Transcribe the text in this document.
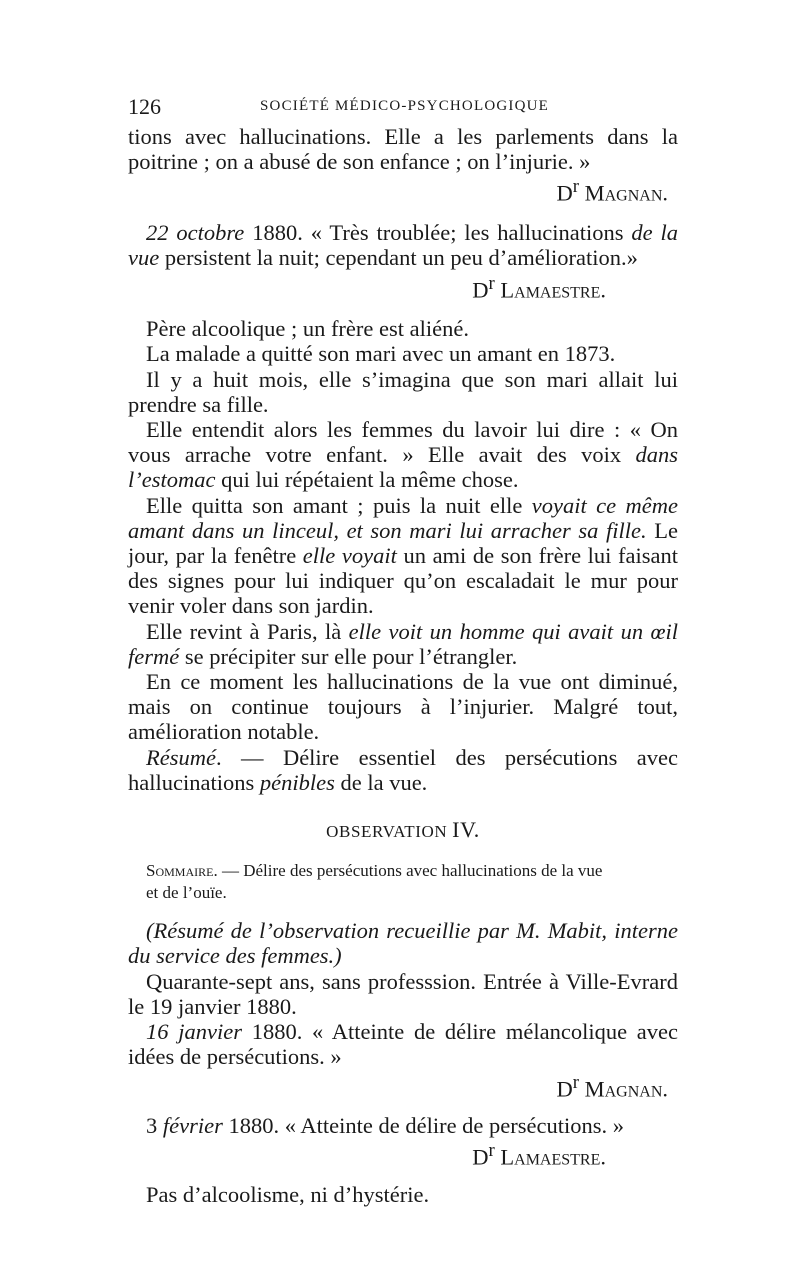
126	SOCIÉTÉ MÉDICO-PSYCHOLOGIQUE

tions avec hallucinations. Elle a les parlements dans la poitrine ; on a abusé de son enfance ; on l’injurie. »

$D^r$ Magnan.

22 octobre 1880. « Très troublée; les hallucinations de la vue persistent la nuit; cependant un peu d’amélioration.»

$D^r$ Lamaestre.

Père alcoolique ; un frère est aliéné.

La malade a quitté son mari avec un amant en 1873.

Il y a huit mois, elle s’imagina que son mari allait lui prendre sa fille.

Elle entendit alors les femmes du lavoir lui dire : « On vous arrache votre enfant. » Elle avait des voix dans l’estomac qui lui répétaient la même chose.

Elle quitta son amant ; puis la nuit elle voyait ce même amant dans un linceul, et son mari lui arracher sa fille. Le jour, par la fenêtre elle voyait un ami de son frère lui faisant des signes pour lui indiquer qu’on escaladait le mur pour venir voler dans son jardin.

Elle revint à Paris, là elle voit un homme qui avait un œil fermé se précipiter sur elle pour l’étrangler.

En ce moment les hallucinations de la vue ont diminué, mais on continue toujours à l’injurier. Malgré tout, amélioration notable.

Résumé. — Délire essentiel des persécutions avec hallucinations pénibles de la vue.

OBSERVATION IV.

Sommaire. — Délire des persécutions avec hallucinations de la vue
et de l’ouïe.

(Résumé de l’observation recueillie par M. Mabit, interne du service des femmes.)

Quarante-sept ans, sans professsion. Entrée à Ville-Evrard le 19 janvier 1880.

16 janvier 1880. « Atteinte de délire mélancolique avec idées de persécutions. »

$D^r$ Magnan.

3 février 1880. « Atteinte de délire de persécutions. »

$D^r$ Lamaestre.

Pas d’alcoolisme, ni d’hystérie.
